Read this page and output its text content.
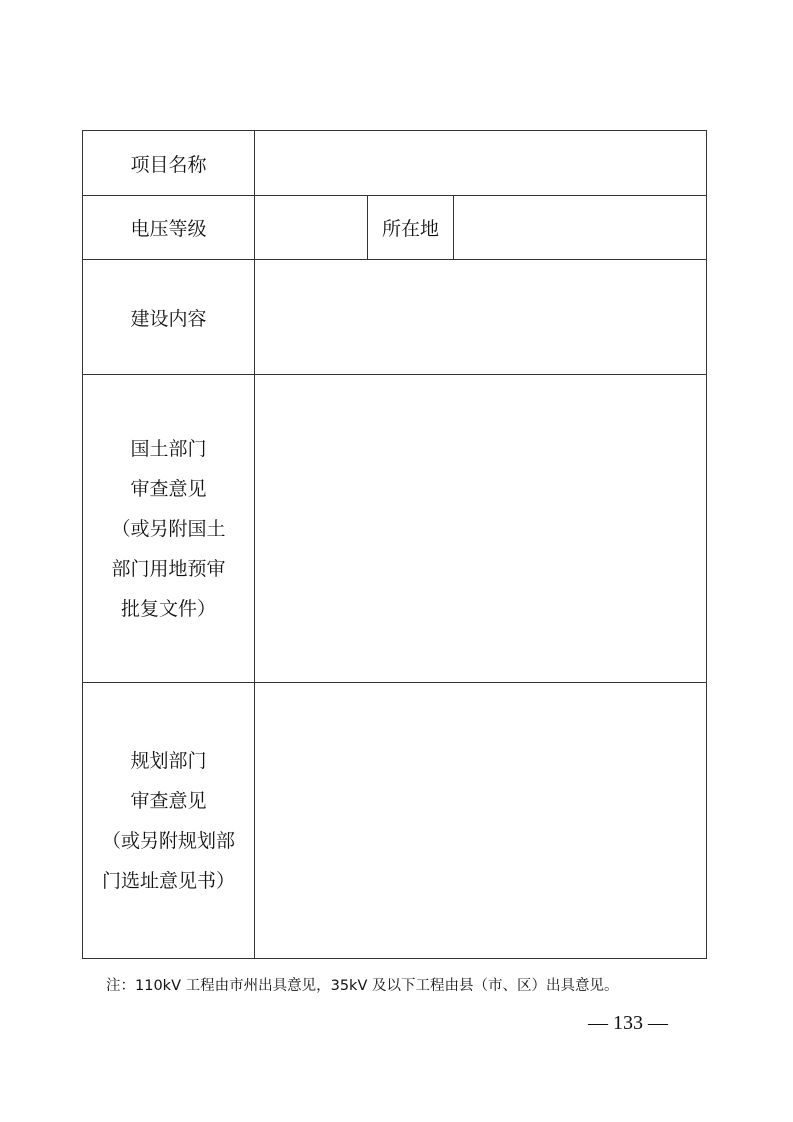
项目名称			
电压等级		所在地	
建设内容			

国土部门
审查意见
（或另附国土
部门用地预审
批复文件）			

规划部门
审查意见
（或另附规划部
门选址意见书）			

注：110kV 工程由市州出具意见，35kV 及以下工程由县（市、区）出具意见。
— 133 —
